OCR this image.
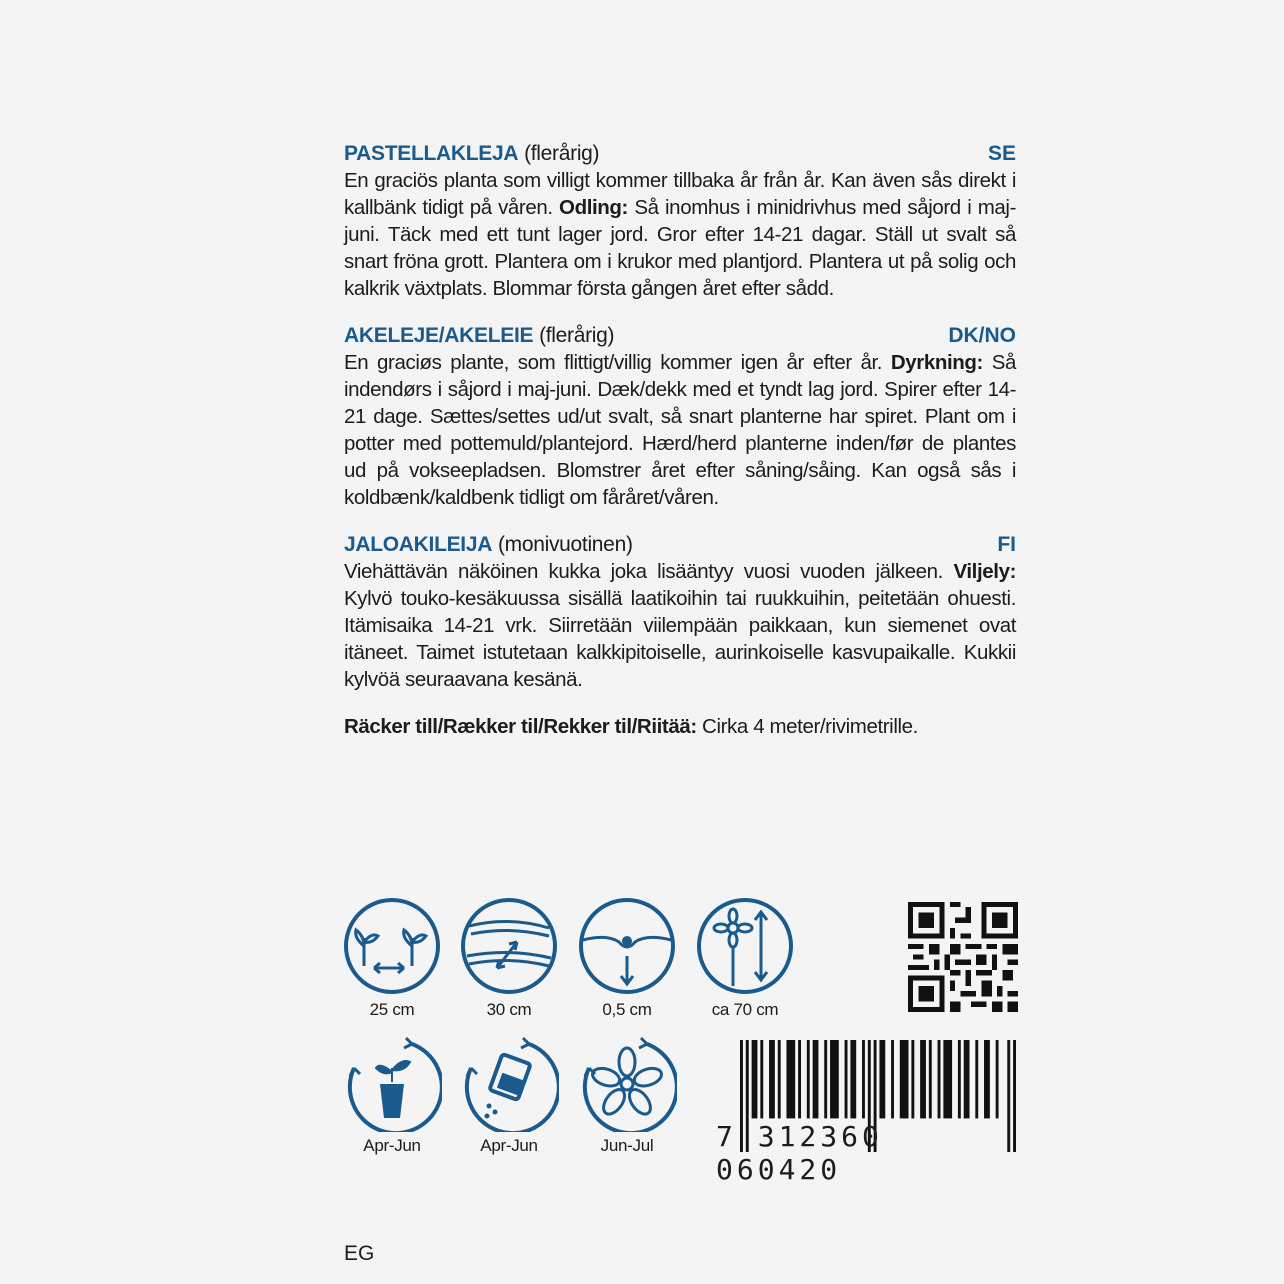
PASTELLAKLEJA (flerårig)	SE
En graciös planta som villigt kommer tillbaka år från år. Kan även sås direkt i kallbänk tidigt på våren. Odling: Så inomhus i minidrivhus med såjord i maj-juni. Täck med ett tunt lager jord. Gror efter 14-21 dagar. Ställ ut svalt så snart fröna grott. Plantera om i krukor med plantjord. Plantera ut på solig och kalkrik växtplats. Blommar första gången året efter sådd.
AKELEJE/AKELEIE (flerårig)	DK/NO
En graciøs plante, som flittigt/villig kommer igen år efter år. Dyrkning: Så indendørs i såjord i maj-juni. Dæk/dekk med et tyndt lag jord. Spirer efter 14-21 dage. Sættes/settes ud/ut svalt, så snart planterne har spiret. Plant om i potter med pottemuld/plantejord. Hærd/herd planterne inden/før de plantes ud på vokseepladsen. Blomstrer året efter såning/såing. Kan også sås i koldbænk/kaldbenk tidligt om fåråret/våren.
JALOAKILEIJA (monivuotinen)	FI
Viehättävän näköinen kukka joka lisääntyy vuosi vuoden jälkeen. Viljely: Kylvö touko-kesäkuussa sisällä laatikoihin tai ruukkuihin, peitetään ohuesti. Itämisaika 14-21 vrk. Siirretään viilempään paikkaan, kun siemenet ovat itäneet. Taimet istutetaan kalkkipitoiselle, aurinkoiselle kasvupaikalle. Kukkii kylvöä seuraavana kesänä.
Räcker till/Rækker til/Rekker til/Riitää: Cirka 4 meter/rivimetrille.
25 cm	30 cm	0,5 cm	ca 70 cm
Apr-Jun	Apr-Jun	Jun-Jul	7 312360 060420
EG
